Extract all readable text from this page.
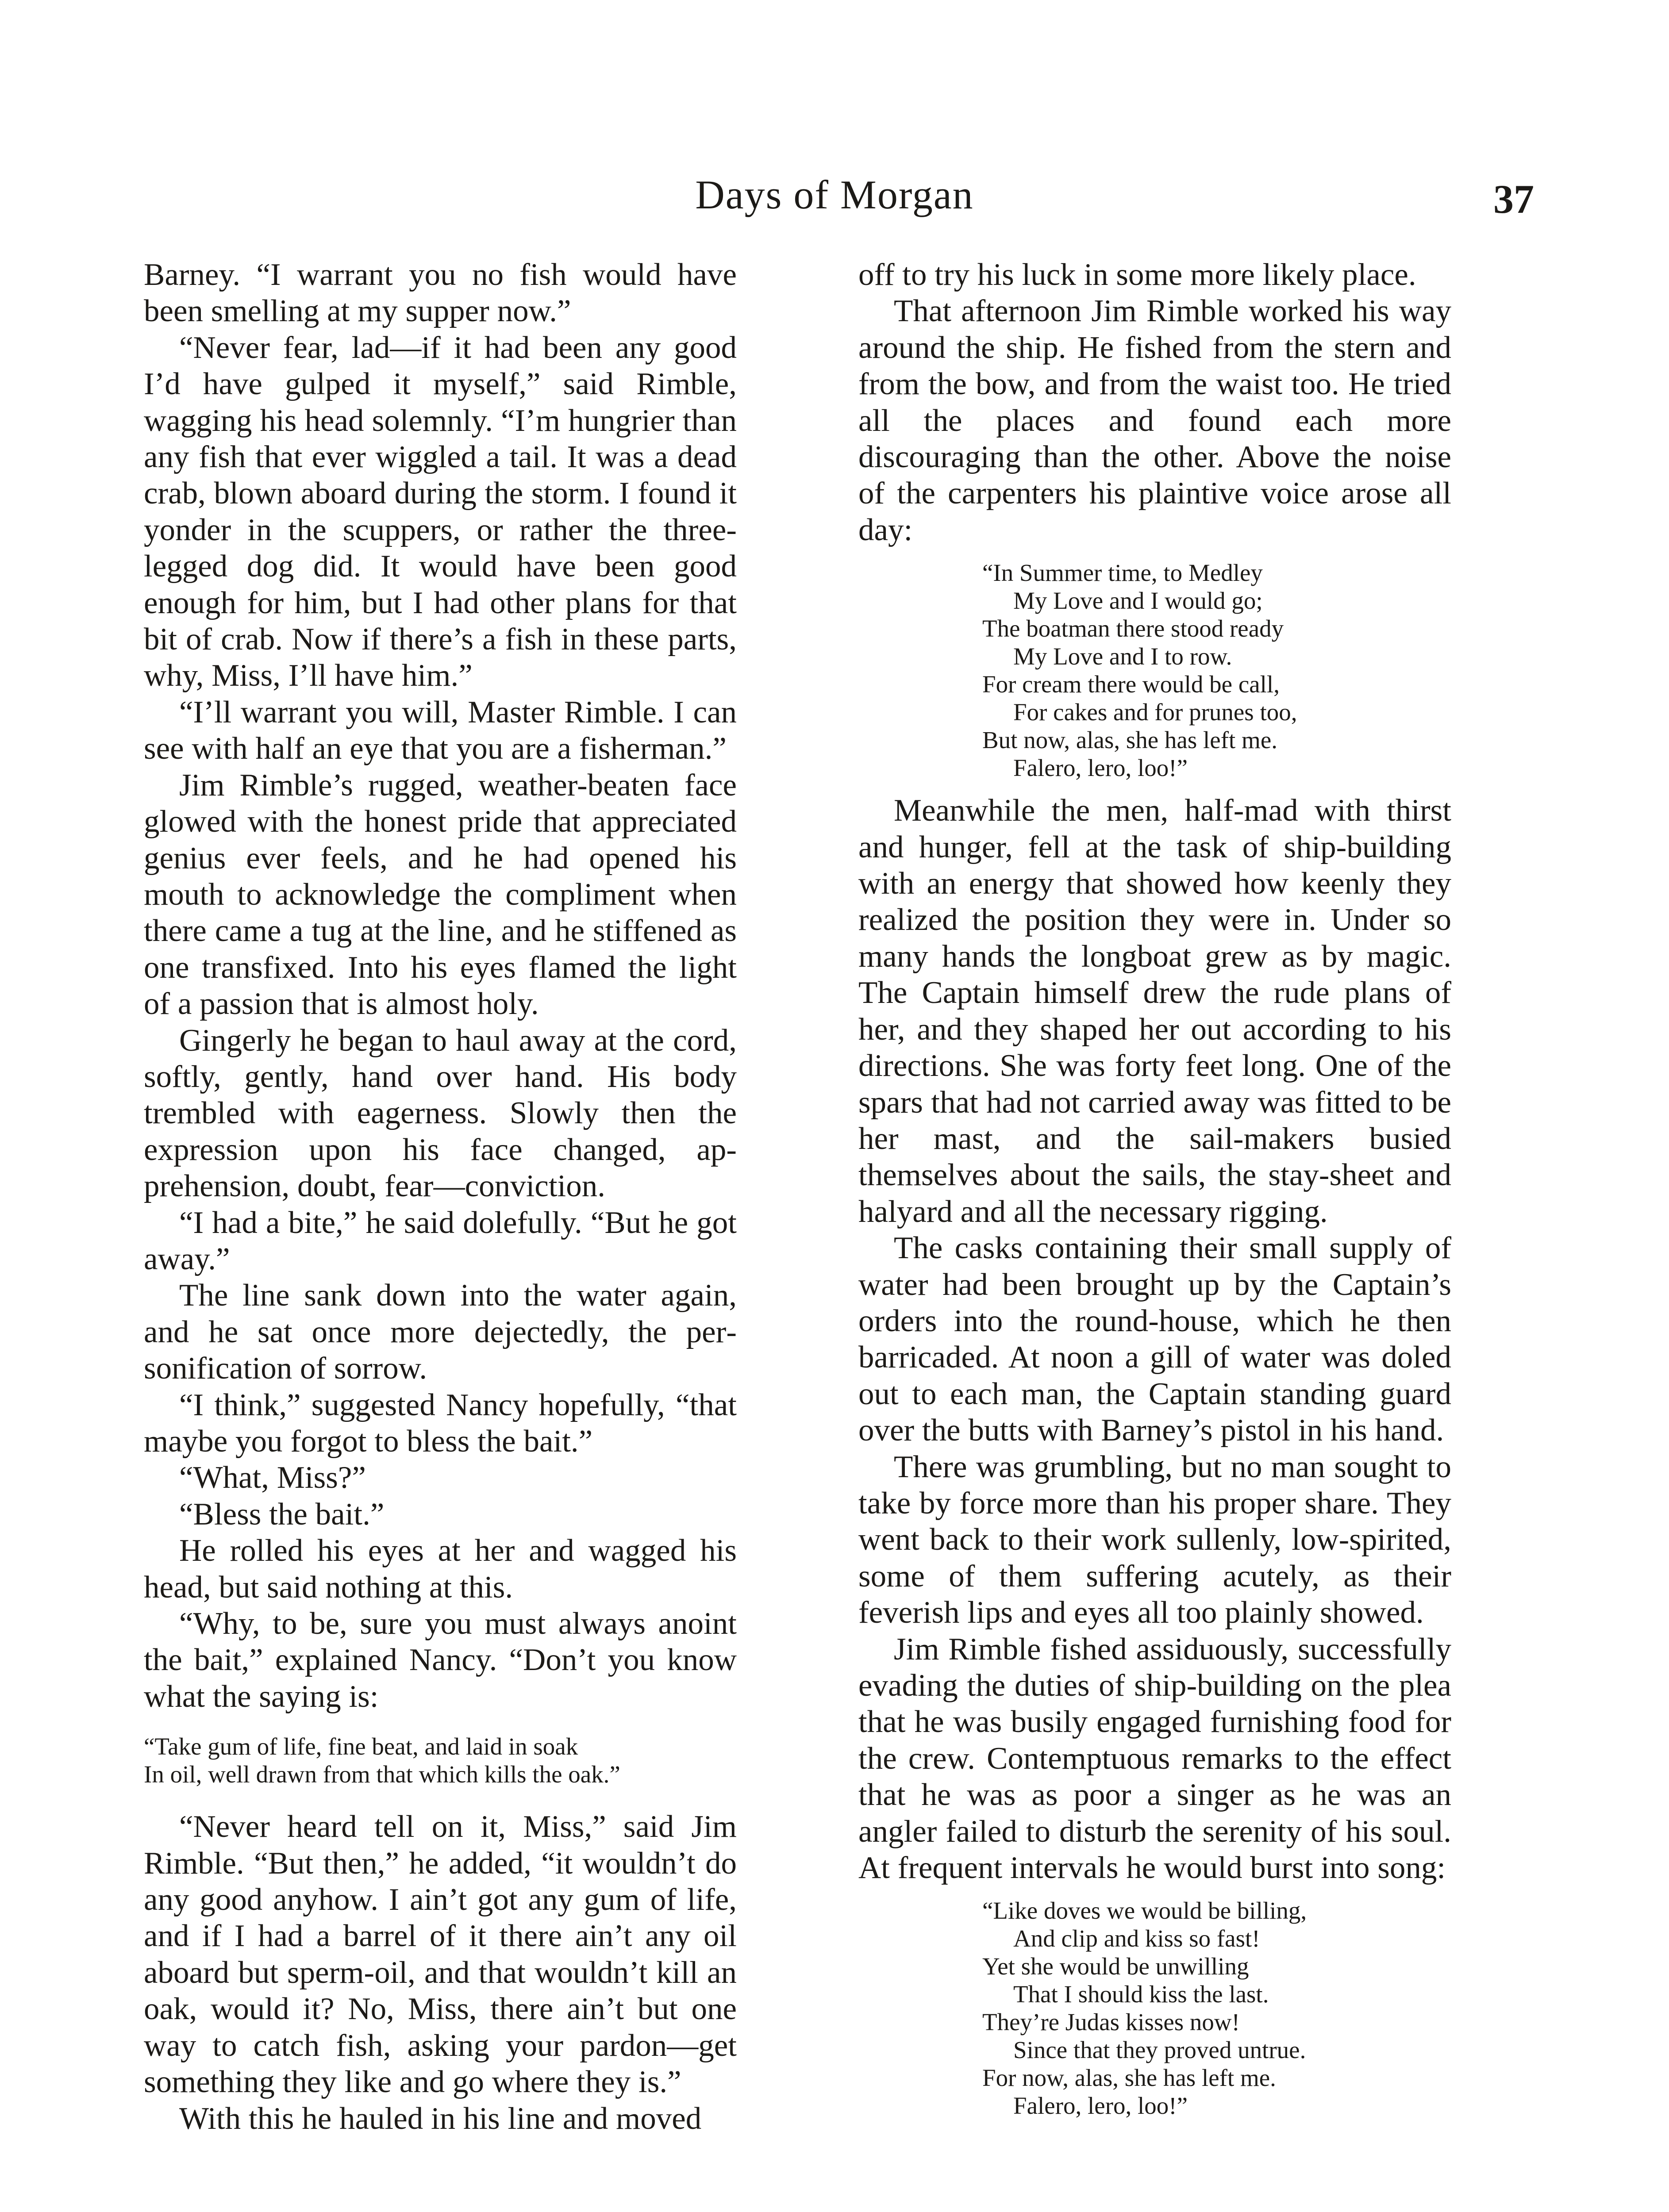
Days of Morgan	37

Barney. “I warrant you no fish would have been smelling at my supper now.”

“Never fear, lad—if it had been any good I’d have gulped it myself,” said Rimble, wagging his head solemnly. “I’m hungrier than any fish that ever wiggled a tail. It was a dead crab, blown aboard during the storm. I found it yonder in the scuppers, or rather the three-legged dog did. It would have been good enough for him, but I had other plans for that bit of crab. Now if there’s a fish in these parts, why, Miss, I’ll have him.”

“I’ll warrant you will, Master Rimble. I can see with half an eye that you are a fisherman.”

Jim Rimble’s rugged, weather-beaten face glowed with the honest pride that appreciated genius ever feels, and he had opened his mouth to acknowledge the compliment when there came a tug at the line, and he stiffened as one transfixed. Into his eyes flamed the light of a passion that is almost holy.

Gingerly he began to haul away at the cord, softly, gently, hand over hand. His body trembled with eagerness. Slowly then the expression upon his face changed, apprehension, doubt, fear—conviction.

“I had a bite,” he said dolefully. “But he got away.”

The line sank down into the water again, and he sat once more dejectedly, the personification of sorrow.

“I think,” suggested Nancy hopefully, “that maybe you forgot to bless the bait.”

“What, Miss?”

“Bless the bait.”

He rolled his eyes at her and wagged his head, but said nothing at this.

“Why, to be, sure you must always anoint the bait,” explained Nancy. “Don’t you know what the saying is:

“Take gum of life, fine beat, and laid in soak
In oil, well drawn from that which kills the oak.”

“Never heard tell on it, Miss,” said Jim Rimble. “But then,” he added, “it wouldn’t do any good anyhow. I ain’t got any gum of life, and if I had a barrel of it there ain’t any oil aboard but sperm-oil, and that wouldn’t kill an oak, would it? No, Miss, there ain’t but one way to catch fish, asking your pardon—get something they like and go where they is.”

With this he hauled in his line and moved

off to try his luck in some more likely place.

That afternoon Jim Rimble worked his way around the ship. He fished from the stern and from the bow, and from the waist too. He tried all the places and found each more discouraging than the other. Above the noise of the carpenters his plaintive voice arose all day:

“In Summer time, to Medley
My Love and I would go;
The boatman there stood ready
My Love and I to row.
For cream there would be call,
For cakes and for prunes too,
But now, alas, she has left me.
Falero, lero, loo!”

Meanwhile the men, half-mad with thirst and hunger, fell at the task of ship-building with an energy that showed how keenly they realized the position they were in. Under so many hands the longboat grew as by magic. The Captain himself drew the rude plans of her, and they shaped her out according to his directions. She was forty feet long. One of the spars that had not carried away was fitted to be her mast, and the sail-makers busied themselves about the sails, the stay-sheet and halyard and all the necessary rigging.

The casks containing their small supply of water had been brought up by the Captain’s orders into the round-house, which he then barricaded. At noon a gill of water was doled out to each man, the Captain standing guard over the butts with Barney’s pistol in his hand.

There was grumbling, but no man sought to take by force more than his proper share. They went back to their work sullenly, low-spirited, some of them suffering acutely, as their feverish lips and eyes all too plainly showed.

Jim Rimble fished assiduously, successfully evading the duties of ship-building on the plea that he was busily engaged furnishing food for the crew. Contemptuous remarks to the effect that he was as poor a singer as he was an angler failed to disturb the serenity of his soul. At frequent intervals he would burst into song:

“Like doves we would be billing,
And clip and kiss so fast!
Yet she would be unwilling
That I should kiss the last.
They’re Judas kisses now!
Since that they proved untrue.
For now, alas, she has left me.
Falero, lero, loo!”
